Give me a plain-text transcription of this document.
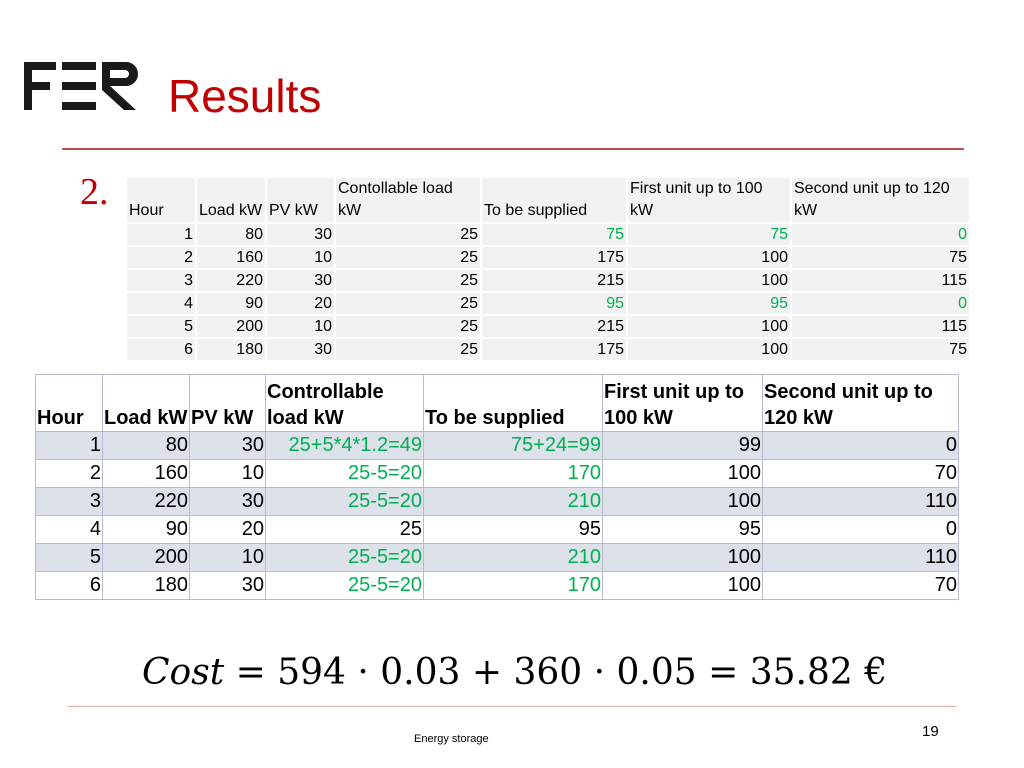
Results
2. Hour	Load kW	PV kW	Contollable load kW	To be supplied	First unit up to 100 kW	Second unit up to 120 kW
1	80	30	25	75	75	0
2	160	10	25	175	100	75
3	220	30	25	215	100	115
4	90	20	25	95	95	0
5	200	10	25	215	100	115
6	180	30	25	175	100	75
Hour	Load kW	PV kW	Controllable load kW	To be supplied	First unit up to 100 kW	Second unit up to 120 kW
1	80	30	25+5*4*1.2=49	75+24=99	99	0
2	160	10	25-5=20	170	100	70
3	220	30	25-5=20	210	100	110
4	90	20	25	95	95	0
5	200	10	25-5=20	210	100	110
6	180	30	25-5=20	170	100	70
Cost = 594 · 0.03 + 360 · 0.05 = 35.82 €
Energy storage	19
